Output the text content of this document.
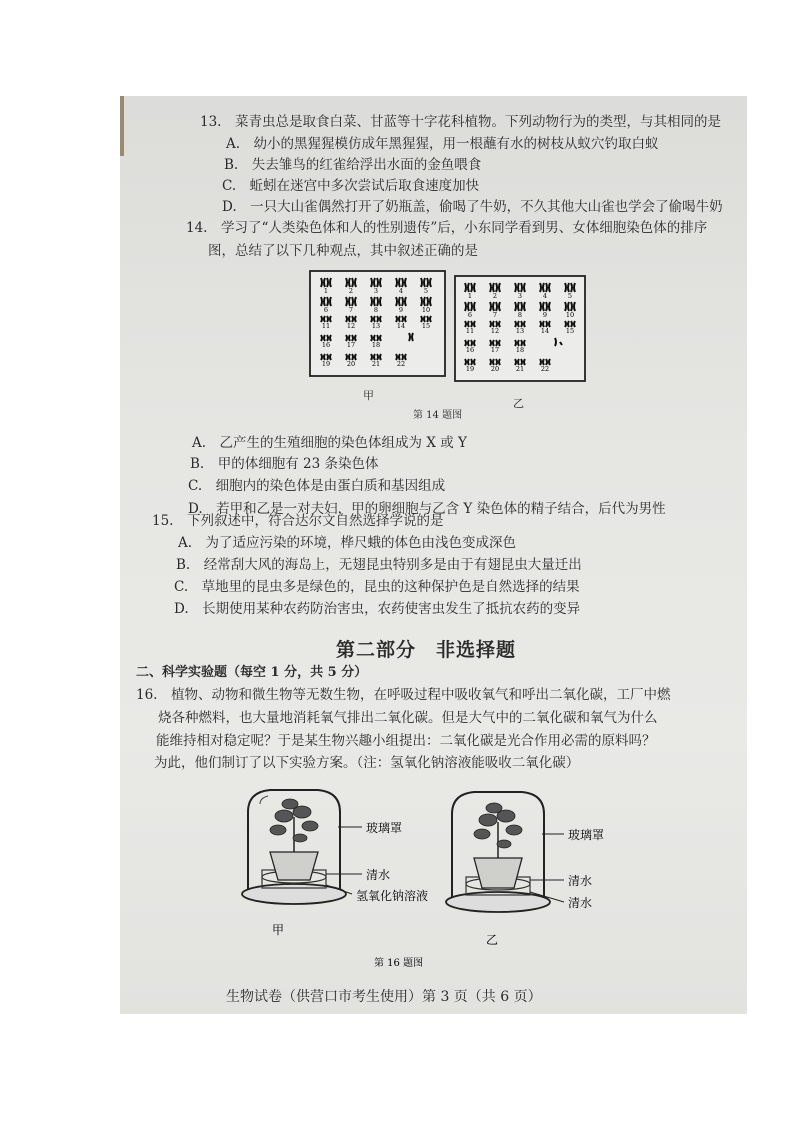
13.　菜青虫总是取食白菜、甘蓝等十字花科植物。下列动物行为的类型，与其相同的是
A.　幼小的黑猩猩模仿成年黑猩猩，用一根蘸有水的树枝从蚁穴钓取白蚁
B.　失去雏鸟的红雀给浮出水面的金鱼喂食
C.　蚯蚓在迷宫中多次尝试后取食速度加快
D.　一只大山雀偶然打开了奶瓶盖，偷喝了牛奶，不久其他大山雀也学会了偷喝牛奶
14.　学习了“人类染色体和人的性别遗传”后，小东同学看到男、女体细胞染色体的排序
图，总结了以下几种观点，其中叙述正确的是
1	2	3	4	5
6	7	8	9	10
11	12	13	14	15
16	17	18
19	20	21	22
1	2	3	4	5
6	7	8	9	10
11	12	13	14	15
16	17	18
19	20	21	22
甲
乙
第 14 题图
A.　乙产生的生殖细胞的染色体组成为 X 或 Y
B.　甲的体细胞有 23 条染色体
C.　细胞内的染色体是由蛋白质和基因组成
D.　若甲和乙是一对夫妇，甲的卵细胞与乙含 Y 染色体的精子结合，后代为男性
15.　下列叙述中，符合达尔文自然选择学说的是
A.　为了适应污染的环境，桦尺蛾的体色由浅色变成深色
B.　经常刮大风的海岛上，无翅昆虫特别多是由于有翅昆虫大量迁出
C.　草地里的昆虫多是绿色的，昆虫的这种保护色是自然选择的结果
D.　长期使用某种农药防治害虫，农药使害虫发生了抵抗农药的变异
第二部分　非选择题
二、科学实验题（每空 1 分，共 5 分）
16.　植物、动物和微生物等无数生物，在呼吸过程中吸收氧气和呼出二氧化碳，工厂中燃
烧各种燃料，也大量地消耗氧气排出二氧化碳。但是大气中的二氧化碳和氧气为什么
能维持相对稳定呢？于是某生物兴趣小组提出：二氧化碳是光合作用必需的原料吗？
为此，他们制订了以下实验方案。（注：氢氧化钠溶液能吸收二氧化碳）
玻璃罩
清水
氢氧化钠溶液
玻璃罩
清水
清水
甲
乙
第 16 题图
生物试卷（供营口市考生使用）第 3 页（共 6 页）
